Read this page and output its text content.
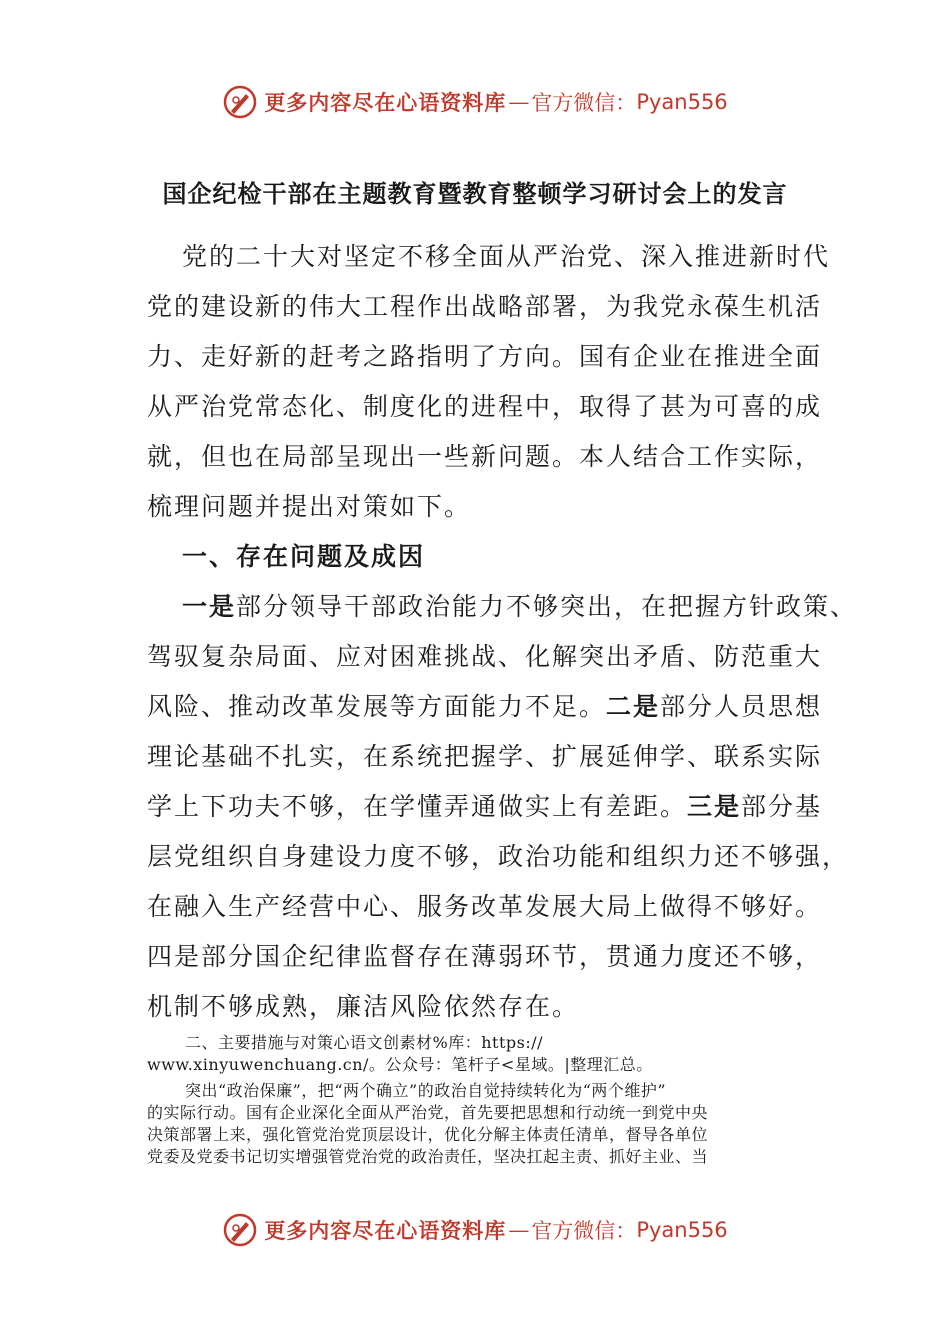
更多内容尽在心语资料库 — 官方微信： Pyan556
国企纪检干部在主题教育暨教育整顿学习研讨会上的发言
党的二十大对坚定不移全面从严治党、深入推进新时代
党的建设新的伟大工程作出战略部署，为我党永葆生机活
力、走好新的赶考之路指明了方向。国有企业在推进全面
从严治党常态化、制度化的进程中，取得了甚为可喜的成
就，但也在局部呈现出一些新问题。本人结合工作实际，
梳理问题并提出对策如下。
一、存在问题及成因
一是部分领导干部政治能力不够突出，在把握方针政策、
驾驭复杂局面、应对困难挑战、化解突出矛盾、防范重大
风险、推动改革发展等方面能力不足。二是部分人员思想
理论基础不扎实，在系统把握学、扩展延伸学、联系实际
学上下功夫不够，在学懂弄通做实上有差距。三是部分基
层党组织自身建设力度不够，政治功能和组织力还不够强，
在融入生产经营中心、服务改革发展大局上做得不够好。
四是部分国企纪律监督存在薄弱环节，贯通力度还不够，
机制不够成熟，廉洁风险依然存在。
二、主要措施与对策心语文创素材%库：https://
www.xinyuwenchuang.cn/。公众号：笔杆子<星域。|整理汇总。
突出“政治保廉”，把“两个确立”的政治自觉持续转化为“两个维护”
的实际行动。国有企业深化全面从严治党，首先要把思想和行动统一到党中央
决策部署上来，强化管党治党顶层设计，优化分解主体责任清单，督导各单位
党委及党委书记切实增强管党治党的政治责任，坚决扛起主责、抓好主业、当
更多内容尽在心语资料库 — 官方微信： Pyan556
